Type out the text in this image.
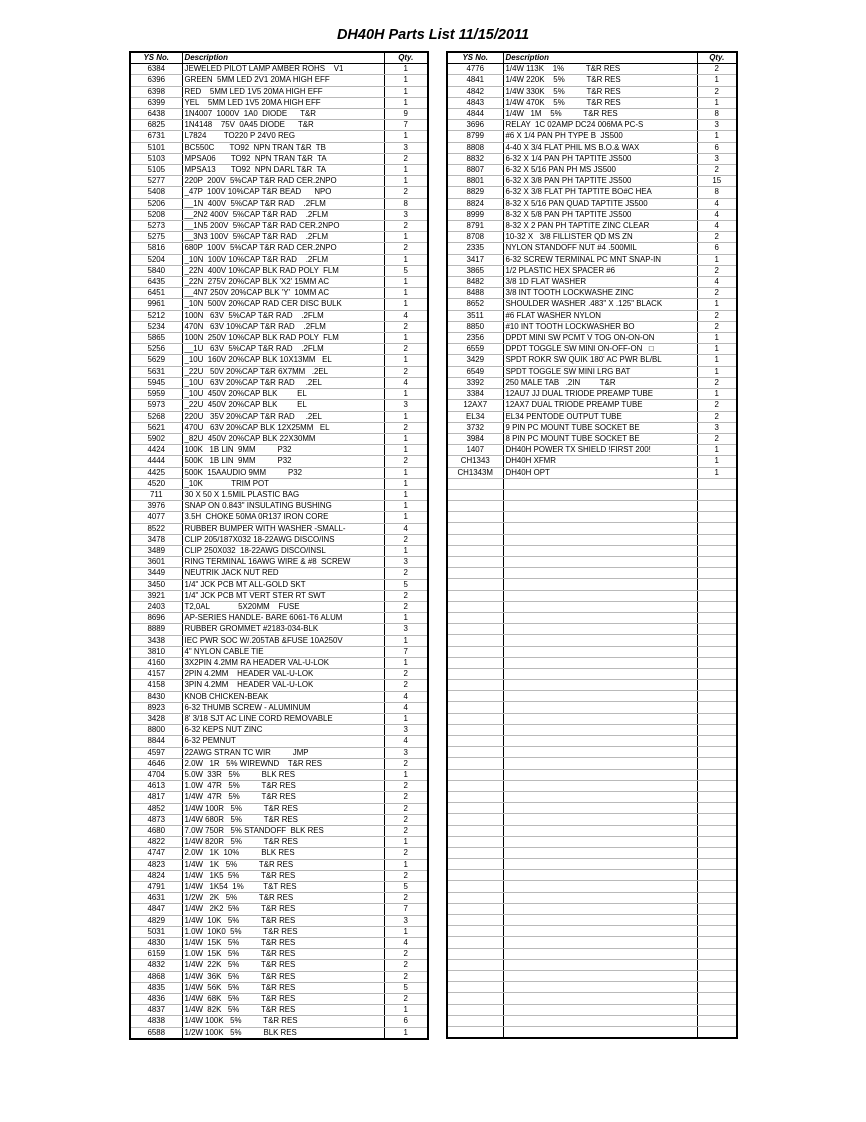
DH40H Parts List 11/15/2011
YS No.	Description	Qty.
6384	JEWELED PILOT LAMP AMBER ROHS    V1	1
6396	GREEN  5MM LED 2V1 20MA HIGH EFF	1
6398	RED    5MM LED 1V5 20MA HIGH EFF	1
6399	YEL    5MM LED 1V5 20MA HIGH EFF	1
6438	1N4007  1000V  1A0  DIODE      T&R	9
6825	1N4148    75V  0A45 DIODE      T&R	7
6731	L7824        TO220 P 24V0 REG	1
5101	BC550C       TO92  NPN TRAN T&R  TB	3
5103	MPSA06       TO92  NPN TRAN T&R  TA	2
5105	MPSA13       TO92  NPN DARL T&R  TA	1
5277	220P  200V  5%CAP T&R RAD CER.2NPO	1
5408	_47P  100V 10%CAP T&R BEAD      NPO	2
5206	__1N  400V  5%CAP T&R RAD    .2FLM	8
5208	__2N2 400V  5%CAP T&R RAD    .2FLM	3
5273	__1N5 200V  5%CAP T&R RAD CER.2NPO	2
5275	__3N3 100V  5%CAP T&R RAD    .2FLM	1
5816	680P  100V  5%CAP T&R RAD CER.2NPO	2
5204	_10N  100V 10%CAP T&R RAD    .2FLM	1
5840	_22N  400V 10%CAP BLK RAD POLY  FLM	5
6435	_22N  275V 20%CAP BLK 'X2' 15MM AC	1
6451	__4N7 250V 20%CAP BLK 'Y'  10MM AC	1
9961	_10N  500V 20%CAP RAD CER DISC BULK	1
5212	100N   63V  5%CAP T&R RAD    .2FLM	4
5234	470N   63V 10%CAP T&R RAD    .2FLM	2
5865	100N  250V 10%CAP BLK RAD POLY  FLM	1
5256	__1U   63V  5%CAP T&R RAD    .2FLM	2
5629	_10U  160V 20%CAP BLK 10X13MM   EL	1
5631	_22U   50V 20%CAP T&R 6X7MM   .2EL	2
5945	_10U   63V 20%CAP T&R RAD     .2EL	4
5959	_10U  450V 20%CAP BLK         EL	1
5973	_22U  450V 20%CAP BLK         EL	3
5268	220U   35V 20%CAP T&R RAD     .2EL	1
5621	470U   63V 20%CAP BLK 12X25MM   EL	2
5902	_82U  450V 20%CAP BLK 22X30MM	1
4424	100K   1B LIN  9MM          P32	1
4444	500K   1B LIN  9MM          P32	2
4425	500K  15AAUDIO 9MM          P32	1
4520	_10K             TRIM POT	1
711	30 X 50 X 1.5MIL PLASTIC BAG	1
3976	SNAP ON 0.843" INSULATING BUSHING	1
4077	3.5H  CHOKE 50MA 0R137 IRON CORE	1
8522	RUBBER BUMPER WITH WASHER -SMALL-	4
3478	CLIP 205/187X032 18-22AWG DISCO/INS	2
3489	CLIP 250X032  18-22AWG DISCO/INSL	1
3601	RING TERMINAL 16AWG WIRE & #8  SCREW	3
3449	NEUTRIK JACK NUT RED	2
3450	1/4" JCK PCB MT ALL-GOLD SKT	5
3921	1/4" JCK PCB MT VERT STER RT SWT	2
2403	T2,0AL             5X20MM    FUSE	2
8696	AP-SERIES HANDLE- BARE 6061-T6 ALUM	1
8889	RUBBER GROMMET #2183-034-BLK	3
3438	IEC PWR SOC W/.205TAB &FUSE 10A250V	1
3810	4" NYLON CABLE TIE	7
4160	3X2PIN 4.2MM RA HEADER VAL-U-LOK	1
4157	2PIN 4.2MM    HEADER VAL-U-LOK	2
4158	3PIN 4.2MM    HEADER VAL-U-LOK	2
8430	KNOB CHICKEN-BEAK	4
8923	6-32 THUMB SCREW - ALUMINUM	4
3428	8' 3/18 SJT AC LINE CORD REMOVABLE	1
8800	6-32 KEPS NUT ZINC	3
8844	6-32 PEMNUT	4
4597	22AWG STRAN TC WIR          JMP	3
4646	2.0W   1R   5% WIREWND    T&R RES	2
4704	5.0W  33R   5%          BLK RES	1
4613	1.0W  47R   5%          T&R RES	2
4817	1/4W  47R   5%          T&R RES	2
4852	1/4W 100R   5%          T&R RES	2
4873	1/4W 680R   5%          T&R RES	2
4680	7.0W 750R   5% STANDOFF  BLK RES	2
4822	1/4W 820R   5%          T&R RES	1
4747	2.0W   1K  10%          BLK RES	2
4823	1/4W   1K   5%          T&R RES	1
4824	1/4W   1K5  5%          T&R RES	2
4791	1/4W   1K54  1%         T&T RES	5
4631	1/2W   2K   5%          T&R RES	2
4847	1/4W   2K2  5%          T&R RES	7
4829	1/4W  10K   5%          T&R RES	3
5031	1.0W  10K0  5%          T&R RES	1
4830	1/4W  15K   5%          T&R RES	4
6159	1.0W  15K   5%          T&R RES	2
4832	1/4W  22K   5%          T&R RES	2
4868	1/4W  36K   5%          T&R RES	2
4835	1/4W  56K   5%          T&R RES	5
4836	1/4W  68K   5%          T&R RES	2
4837	1/4W  82K   5%          T&R RES	1
4838	1/4W 100K   5%          T&R RES	6
6588	1/2W 100K   5%          BLK RES	1
YS No.	Description	Qty.
4776	1/4W 113K    1%          T&R RES	2
4841	1/4W 220K    5%          T&R RES	1
4842	1/4W 330K    5%          T&R RES	2
4843	1/4W 470K    5%          T&R RES	1
4844	1/4W   1M    5%          T&R RES	8
3696	RELAY  1C 02AMP DC24 006MA PC-S	3
8799	#6 X 1/4 PAN PH TYPE B  JS500	1
8808	4-40 X 3/4 FLAT PHIL MS B.O.& WAX	6
8832	6-32 X 1/4 PAN PH TAPTITE JS500	3
8807	6-32 X 5/16 PAN PH MS JS500	2
8801	6-32 X 3/8 PAN PH TAPTITE JS500	15
8829	6-32 X 3/8 FLAT PH TAPTITE BO#C HEA	8
8824	8-32 X 5/16 PAN QUAD TAPTITE JS500	4
8999	8-32 X 5/8 PAN PH TAPTITE JS500	4
8791	8-32 X 2 PAN PH TAPTITE ZINC CLEAR	4
8708	10-32 X   3/8 FILLISTER QD MS ZN	2
2335	NYLON STANDOFF NUT #4 .500MIL	6
3417	6-32 SCREW TERMINAL PC MNT SNAP-IN	1
3865	1/2 PLASTIC HEX SPACER #6	2
8482	3/8 1D FLAT WASHER	4
8488	3/8 INT TOOTH LOCKWASHE ZINC	2
8652	SHOULDER WASHER .483" X .125" BLACK	1
3511	#6 FLAT WASHER NYLON	2
8850	#10 INT TOOTH LOCKWASHER BO	2
2356	DPDT MINI SW PCMT V TOG ON-ON-ON	1
6559	DPDT TOGGLE SW MINI ON-OFF-ON   □	1
3429	SPDT ROKR SW QUIK 180' AC PWR BL/BL	1
6549	SPDT TOGGLE SW MINI LRG BAT	1
3392	250 MALE TAB   .2IN         T&R	2
3384	12AU7 JJ DUAL TRIODE PREAMP TUBE	1
12AX7	12AX7 DUAL TRIODE PREAMP TUBE	2
EL34	EL34 PENTODE OUTPUT TUBE	2
3732	9 PIN PC MOUNT TUBE SOCKET BE	3
3984	8 PIN PC MOUNT TUBE SOCKET BE	2
1407	DH40H POWER TX SHIELD !FIRST 200!	1
CH1343	DH40H XFMR	1
CH1343M	DH40H OPT	1
